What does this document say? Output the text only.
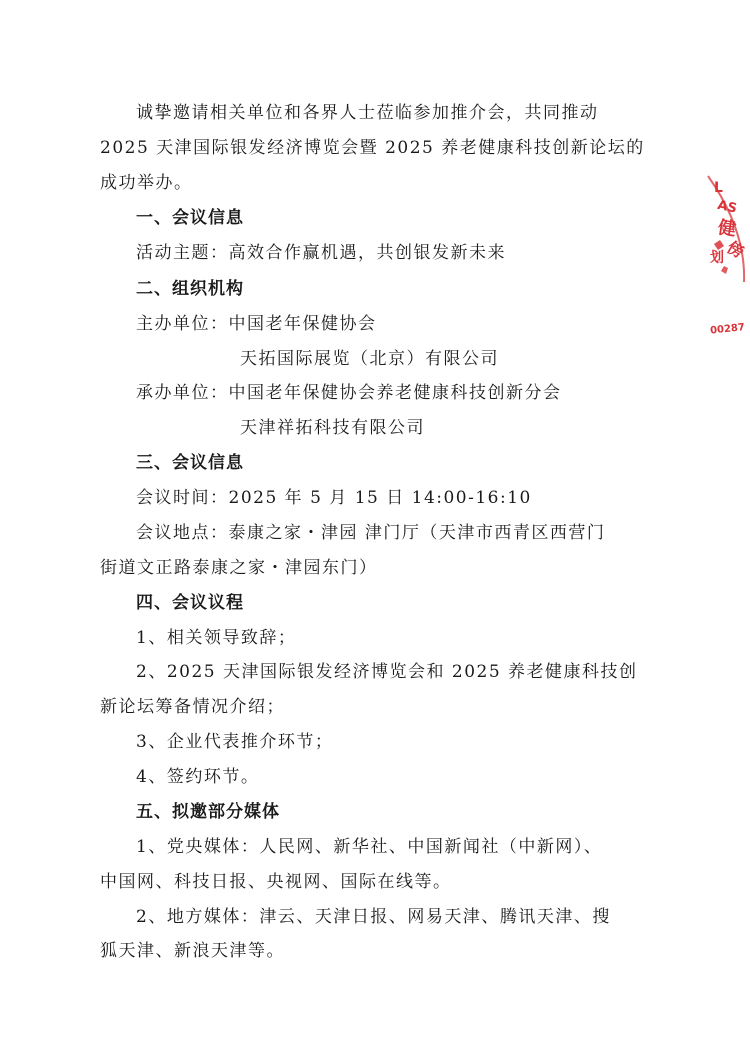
诚挚邀请相关单位和各界人士莅临参加推介会，共同推动
2025 天津国际银发经济博览会暨 2025 养老健康科技创新论坛的
成功举办。
一、会议信息
活动主题：高效合作赢机遇，共创银发新未来
二、组织机构
主办单位：中国老年保健协会
天拓国际展览（北京）有限公司
承办单位：中国老年保健协会养老健康科技创新分会
天津祥拓科技有限公司
三、会议信息
会议时间：2025 年 5 月 15 日 14:00-16:10
会议地点：泰康之家・津园 津门厅（天津市西青区西营门
街道文正路泰康之家・津园东门）
四、会议议程
1、相关领导致辞；
2、2025 天津国际银发经济博览会和 2025 养老健康科技创
新论坛筹备情况介绍；
3、企业代表推介环节；
4、签约环节。
五、拟邀部分媒体
1、党央媒体：人民网、新华社、中国新闻社（中新网）、
中国网、科技日报、央视网、国际在线等。
2、地方媒体：津云、天津日报、网易天津、腾讯天津、搜
狐天津、新浪天津等。
L
AS
健
傍
划
00287
